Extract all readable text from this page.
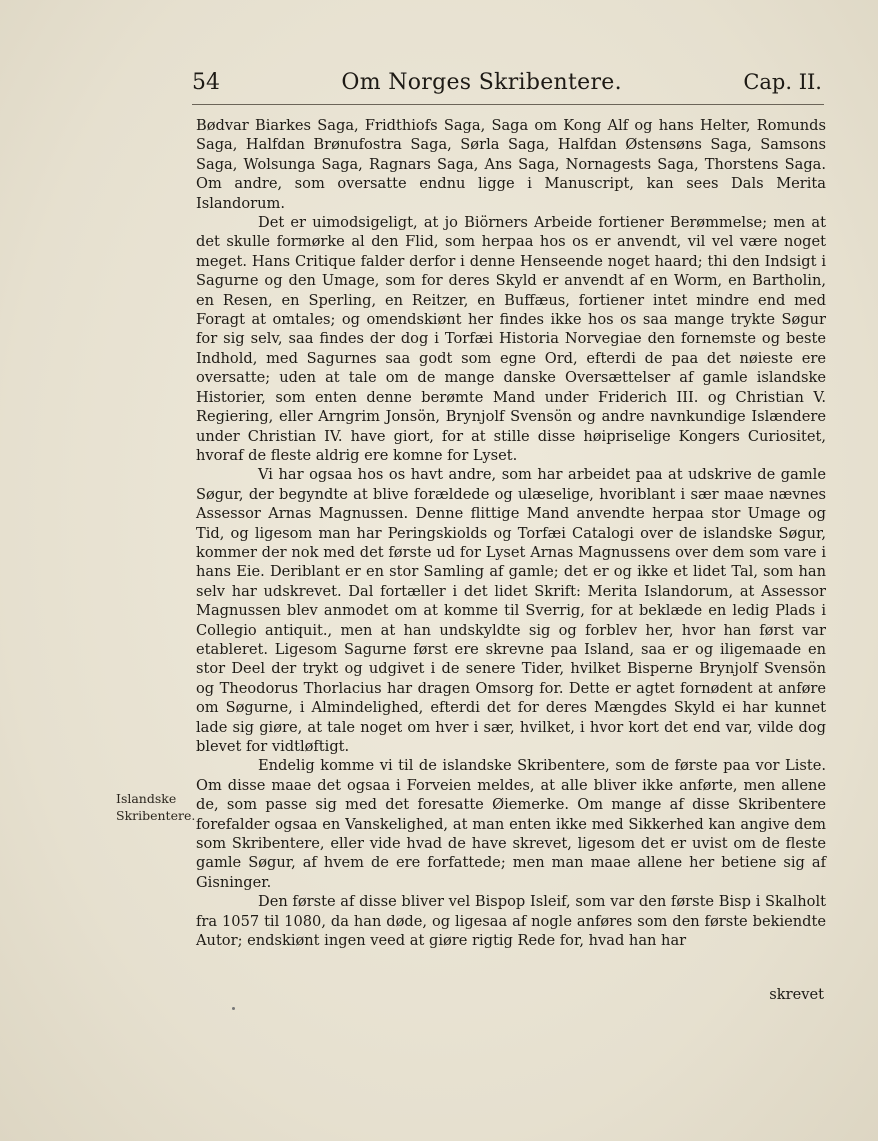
54	Om Norges Skribentere.	Cap. II.

Bødvar Biarkes Saga, Fridthiofs Saga, Saga om Kong Alf og hans Helter, Romunds Saga, Halfdan Brønufostra Saga, Sørla Saga, Halfdan Østensøns Saga, Samsons Saga, Wolsunga Saga, Ragnars Saga, Ans Saga, Nornagests Saga, Thorstens Saga. Om andre, som oversatte endnu ligge i Manuscript, kan sees Dals Merita Islandorum.

Det er uimodsigeligt, at jo Biörners Arbeide fortiener Berømmelse; men at det skulle formørke al den Flid, som herpaa hos os er anvendt, vil vel være noget meget. Hans Critique falder derfor i denne Henseende noget haard; thi den Indsigt i Sagurne og den Umage, som for deres Skyld er anvendt af en Worm, en Bartholin, en Resen, en Sperling, en Reitzer, en Buffæus, fortiener intet mindre end med Foragt at omtales; og omendskiønt her findes ikke hos os saa mange trykte Søgur for sig selv, saa findes der dog i Torfæi Historia Norvegiae den fornemste og beste Indhold, med Sagurnes saa godt som egne Ord, efterdi de paa det nøieste ere oversatte; uden at tale om de mange danske Oversættelser af gamle islandske Historier, som enten denne berømte Mand under Friderich III. og Christian V. Regiering, eller Arngrim Jonsön, Brynjolf Svensön og andre navnkundige Islændere under Christian IV. have giort, for at stille disse høipriselige Kongers Curiositet, hvoraf de fleste aldrig ere komne for Lyset.

Vi har ogsaa hos os havt andre, som har arbeidet paa at udskrive de gamle Søgur, der begyndte at blive forældede og ulæselige, hvoriblant i sær maae nævnes Assessor Arnas Magnussen. Denne flittige Mand anvendte herpaa stor Umage og Tid, og ligesom man har Peringskiolds og Torfæi Catalogi over de islandske Søgur, kommer der nok med det første ud for Lyset Arnas Magnussens over dem som vare i hans Eie. Deriblant er en stor Samling af gamle; det er og ikke et lidet Tal, som han selv har udskrevet. Dal fortæller i det lidet Skrift: Merita Islandorum, at Assessor Magnussen blev anmodet om at komme til Sverrig, for at beklæde en ledig Plads i Collegio antiquit., men at han undskyldte sig og forblev her, hvor han først var etableret. Ligesom Sagurne først ere skrevne paa Island, saa er og iligemaade en stor Deel der trykt og udgivet i de senere Tider, hvilket Bisperne Brynjolf Svensön og Theodorus Thorlacius har dragen Omsorg for. Dette er agtet fornødent at anføre om Søgurne, i Almindelighed, efterdi det for deres Mængdes Skyld ei har kunnet lade sig giøre, at tale noget om hver i sær, hvilket, i hvor kort det end var, vilde dog blevet for vidtløftigt.

Endelig komme vi til de islandske Skribentere, som de første paa vor Liste. Om disse maae det ogsaa i Forveien meldes, at alle bliver ikke anførte, men allene de, som passe sig med det foresatte Øiemerke. Om mange af disse Skribentere forefalder ogsaa en Vanskelighed, at man enten ikke med Sikkerhed kan angive dem som Skribentere, eller vide hvad de have skrevet, ligesom det er uvist om de fleste gamle Søgur, af hvem de ere forfattede; men man maae allene her betiene sig af Gisninger.

Den første af disse bliver vel Bispop Isleif, som var den første Bisp i Skalholt fra 1057 til 1080, da han døde, og ligesaa af nogle anføres som den første bekiendte Autor; endskiønt ingen veed at giøre rigtig Rede for, hvad han har

Islandske Skribentere.
skrevet
